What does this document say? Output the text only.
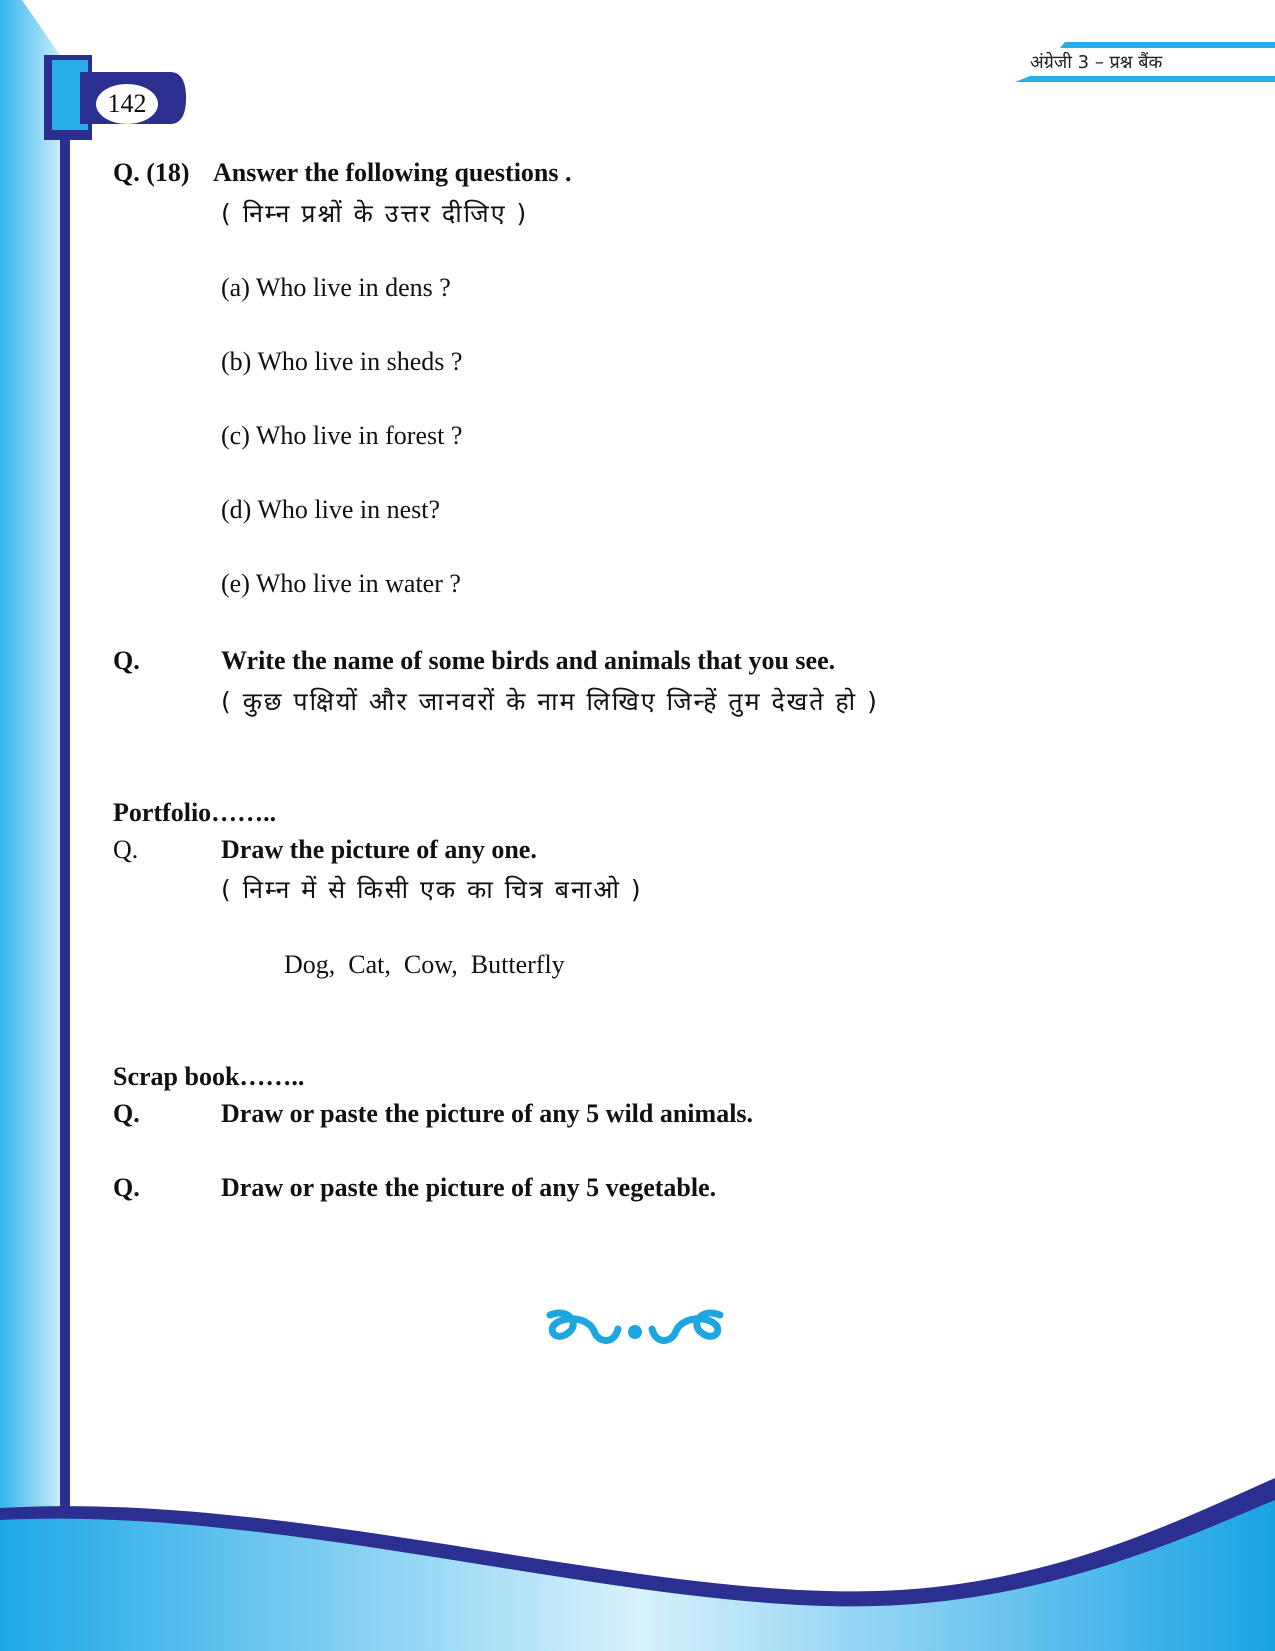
142
अंग्रेजी 3 – प्रश्न बैंक
Q. (18) Answer the following questions .
( निम्न प्रश्नों के उत्तर दीजिए )
(a) Who live in dens ?
(b) Who live in sheds ?
(c) Who live in forest ?
(d) Who live in nest?
(e) Who live in water ?
Q.	Write the name of some birds and animals that you see.
( कुछ पक्षियों और जानवरों के नाम लिखिए जिन्हें तुम देखते हो )
Portfolio……..
Q.	Draw the picture of any one.
( निम्न में से किसी एक का चित्र बनाओ )
Dog,  Cat,  Cow,  Butterfly
Scrap book……..
Q.	Draw or paste the picture of any 5 wild animals.
Q.	Draw or paste the picture of any 5 vegetable.
